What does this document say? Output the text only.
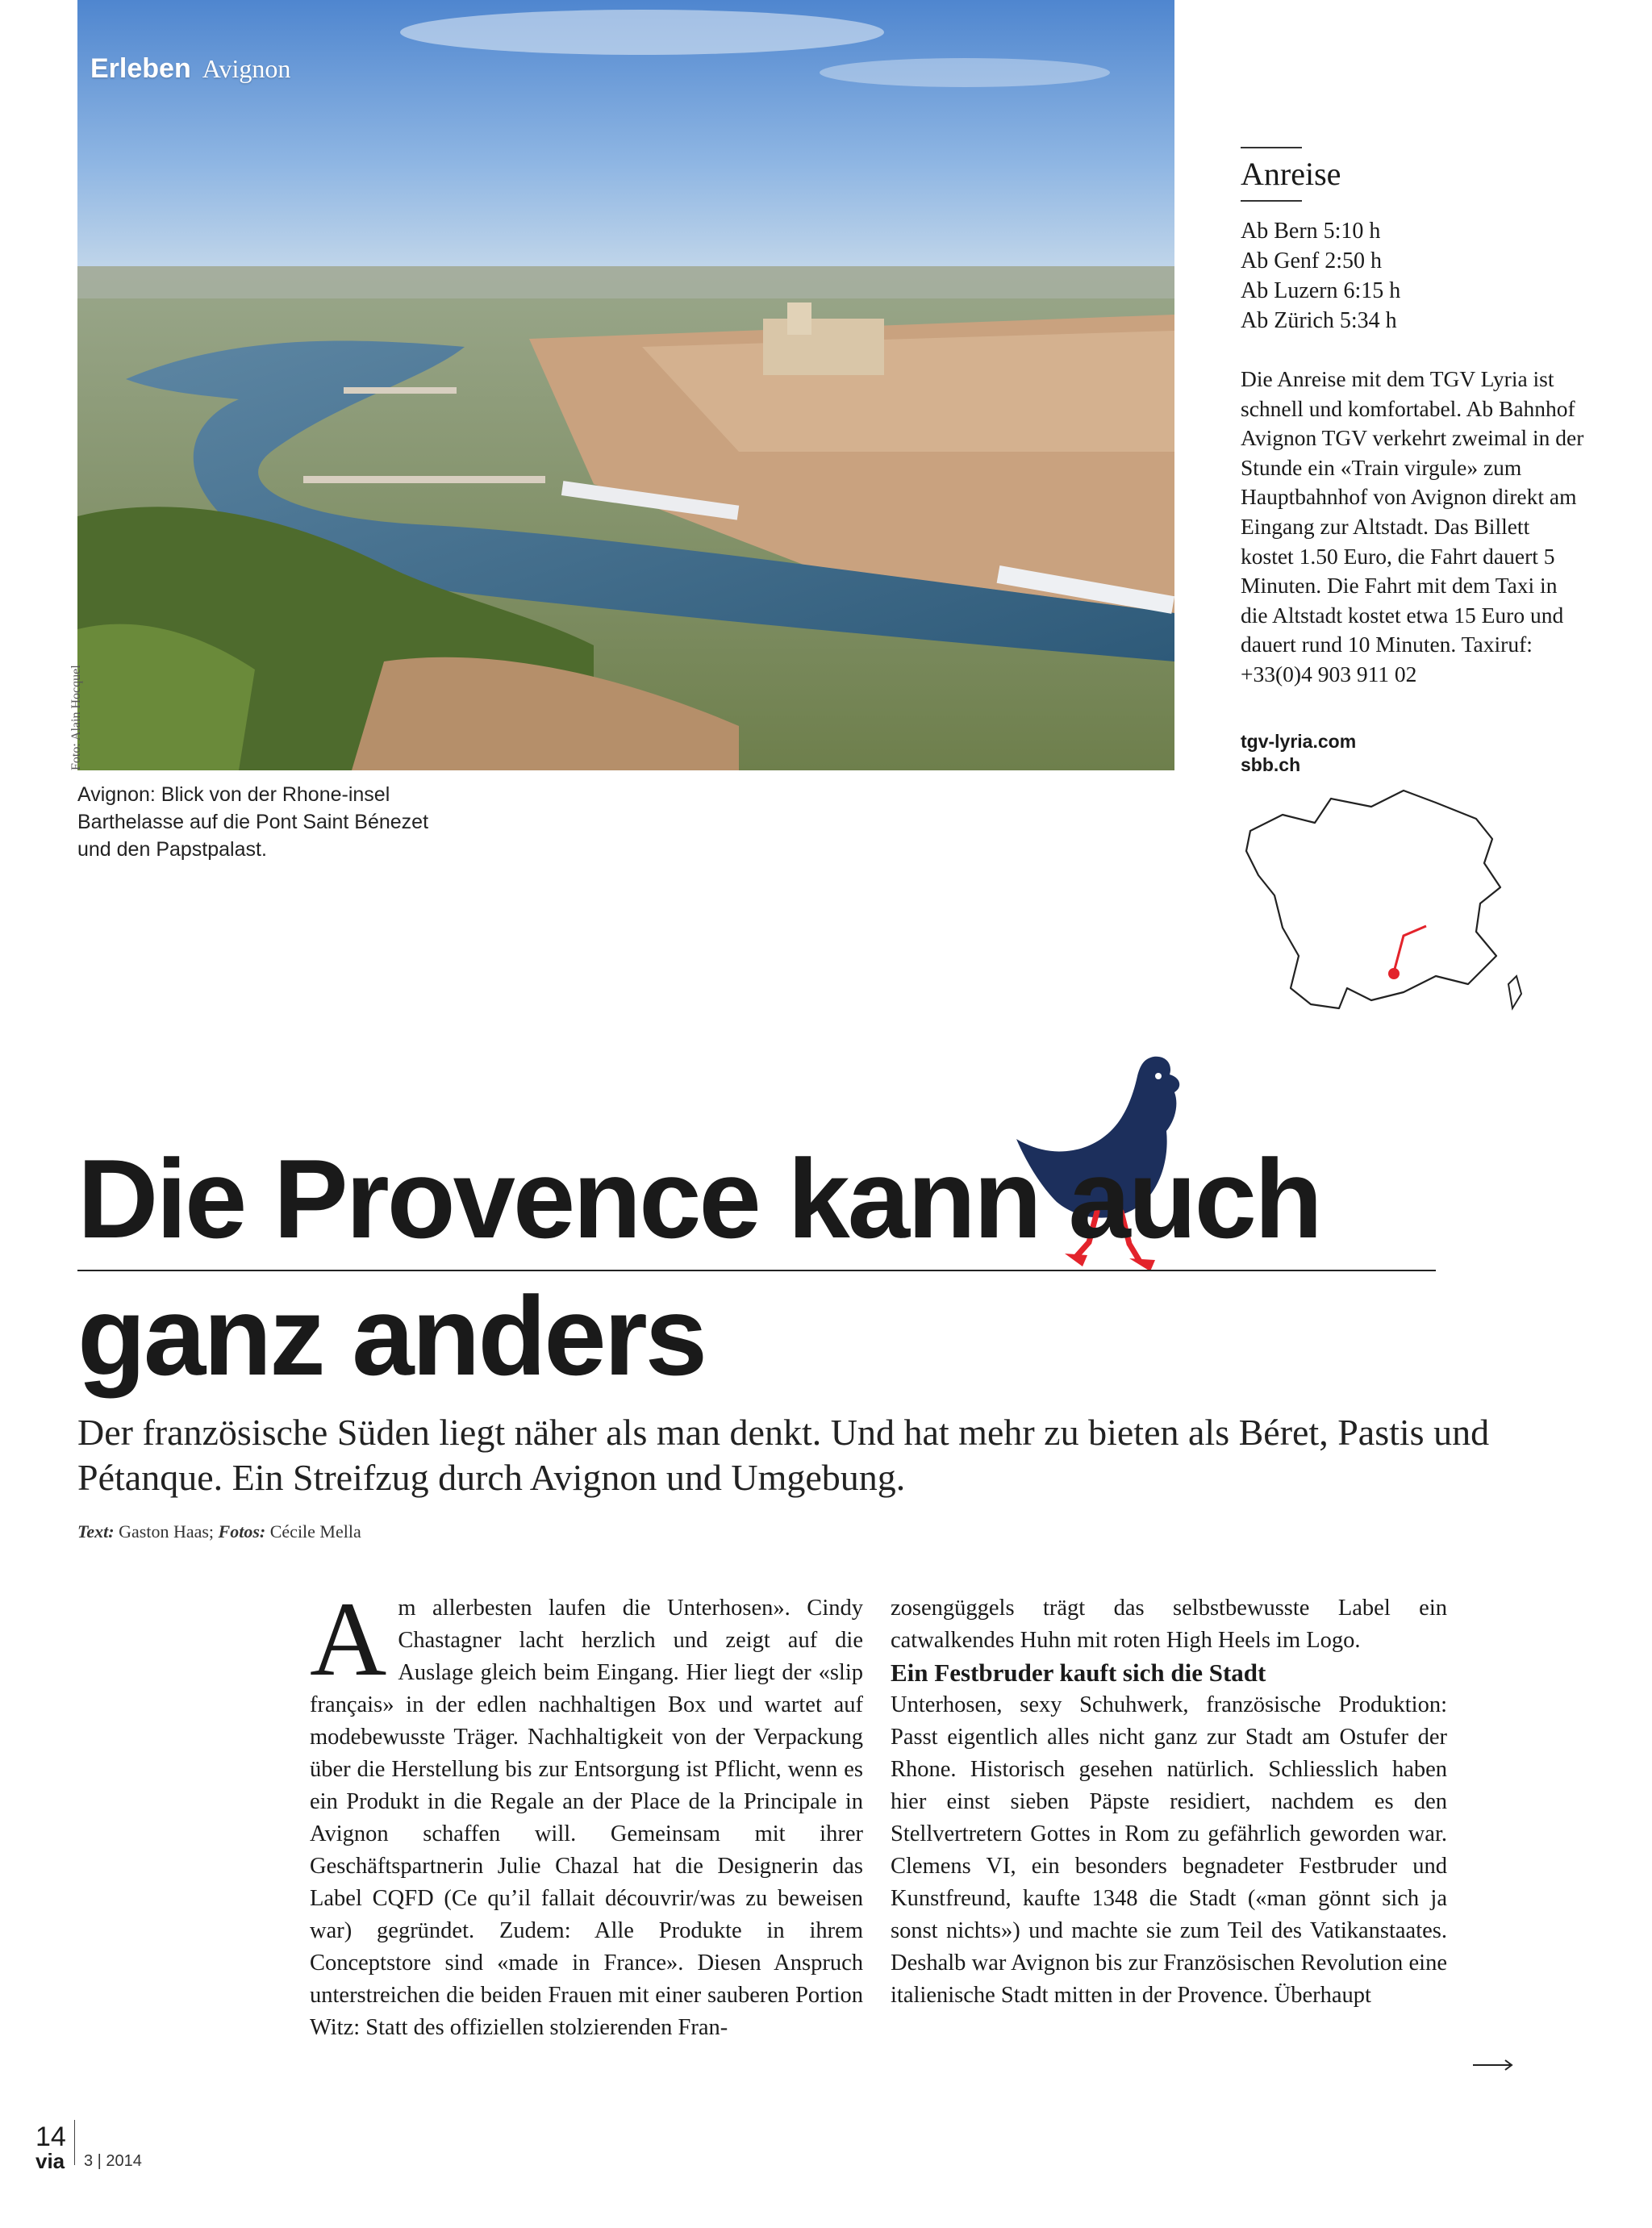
Erleben Avignon
Foto: Alain Hocquel
Avignon: Blick von der Rhone-insel Barthelasse auf die Pont Saint Bénezet und den Papstpalast.
Anreise
Ab Bern 5:10 h
Ab Genf 2:50 h
Ab Luzern 6:15 h
Ab Zürich 5:34 h
Die Anreise mit dem TGV Lyria ist schnell und komfortabel. Ab Bahnhof Avignon TGV verkehrt zweimal in der Stunde ein «Train virgule» zum Hauptbahnhof von Avignon direkt am Eingang zur Altstadt. Das Billett kostet 1.50 Euro, die Fahrt dauert 5 Minuten. Die Fahrt mit dem Taxi in die Altstadt kostet etwa 15 Euro und dauert rund 10 Minuten. Taxiruf: +33(0)4 903 911 02
tgv-lyria.com
sbb.ch
Die Provence kann auch
ganz anders
Der französische Süden liegt näher als man denkt. Und hat mehr zu bieten als Béret, Pastis und Pétanque. Ein Streifzug durch Avignon und Umgebung.
Text: Gaston Haas; Fotos: Cécile Mella

Am allerbesten laufen die Unterhosen». Cindy Chastagner lacht herzlich und zeigt auf die Auslage gleich beim Eingang. Hier liegt der «slip français» in der edlen nachhaltigen Box und wartet auf modebewusste Träger. Nachhaltigkeit von der Verpackung über die Herstellung bis zur Entsorgung ist Pflicht, wenn es ein Produkt in die Regale an der Place de la Principale in Avignon schaffen will. Gemeinsam mit ihrer Geschäftspartnerin Julie Chazal hat die Designerin das Label CQFD (Ce qu’il fallait découvrir/was zu beweisen war) gegründet. Zudem: Alle Produkte in ihrem Conceptstore sind «made in France». Diesen Anspruch unterstreichen die beiden Frauen mit einer sauberen Portion Witz: Statt des offiziellen stolzierenden Fran-

zosengüggels trägt das selbstbewusste Label ein catwalkendes Huhn mit roten High Heels im Logo.

Ein Festbruder kauft sich die Stadt

Unterhosen, sexy Schuhwerk, französische Produktion: Passt eigentlich alles nicht ganz zur Stadt am Ostufer der Rhone. Historisch gesehen natürlich. Schliesslich haben hier einst sieben Päpste residiert, nachdem es den Stellvertretern Gottes in Rom zu gefährlich geworden war. Clemens VI, ein besonders begnadeter Festbruder und Kunstfreund, kaufte 1348 die Stadt («man gönnt sich ja sonst nichts») und machte sie zum Teil des Vatikanstaates. Deshalb war Avignon bis zur Französischen Revolution eine italienische Stadt mitten in der Provence. Überhaupt

14
via 3 | 2014
